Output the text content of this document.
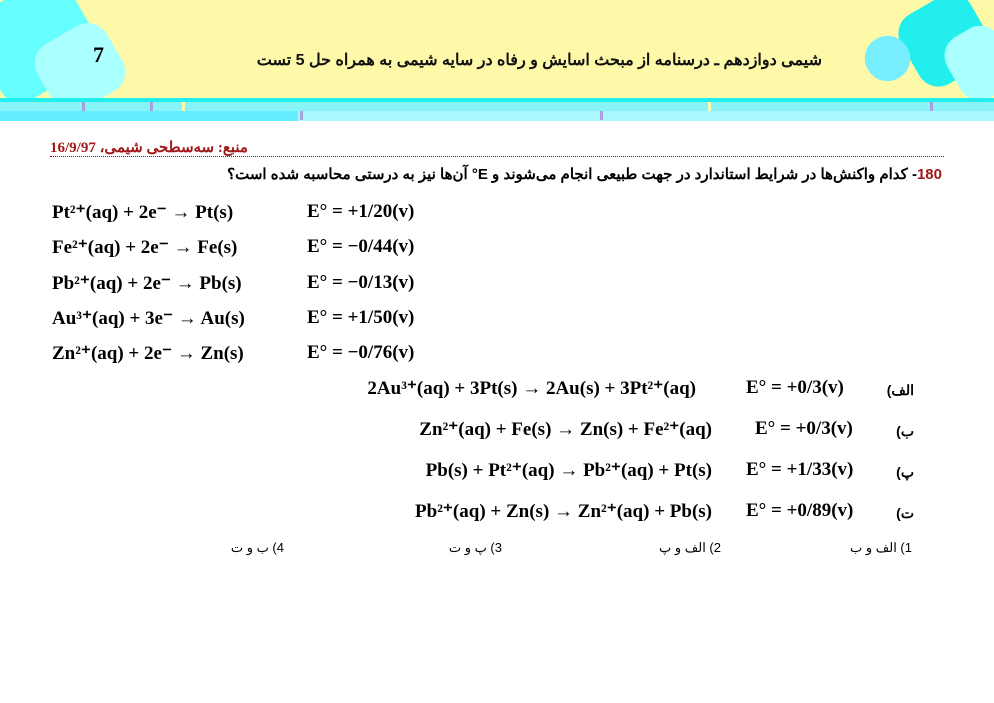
7	شیمی دوازدهم ـ درسنامه از مبحث اسایش و رفاه در سایه شیمی به همراه حل 5 تست
منبع: سه‌سطحی شیمی، 16/9/97
180- کدام واکنش‌ها در شرایط استاندارد در جهت طبیعی انجام می‌شوند و E° آن‌ها نیز به درستی محاسبه شده است؟
Pt²⁺(aq) + 2e⁻ → Pt(s)	E° = +1/20(v)
Fe²⁺(aq) + 2e⁻ → Fe(s)	E° = −0/44(v)
Pb²⁺(aq) + 2e⁻ → Pb(s)	E° = −0/13(v)
Au³⁺(aq) + 3e⁻ → Au(s)	E° = +1/50(v)
Zn²⁺(aq) + 2e⁻ → Zn(s)	E° = −0/76(v)
2Au³⁺(aq) + 3Pt(s) → 2Au(s) + 3Pt²⁺(aq)	E° = +0/3(v)	الف)
Zn²⁺(aq) + Fe(s) → Zn(s) + Fe²⁺(aq) E° = +0/3(v)	ب)
Pb(s) + Pt²⁺(aq) → Pb²⁺(aq) + Pt(s) E° = +1/33(v)	پ)
Pb²⁺(aq) + Zn(s) → Zn²⁺(aq) + Pb(s) E° = +0/89(v)	ت)
1) الف و ب
2) الف و پ
3) پ و ت
4) ب و ت
